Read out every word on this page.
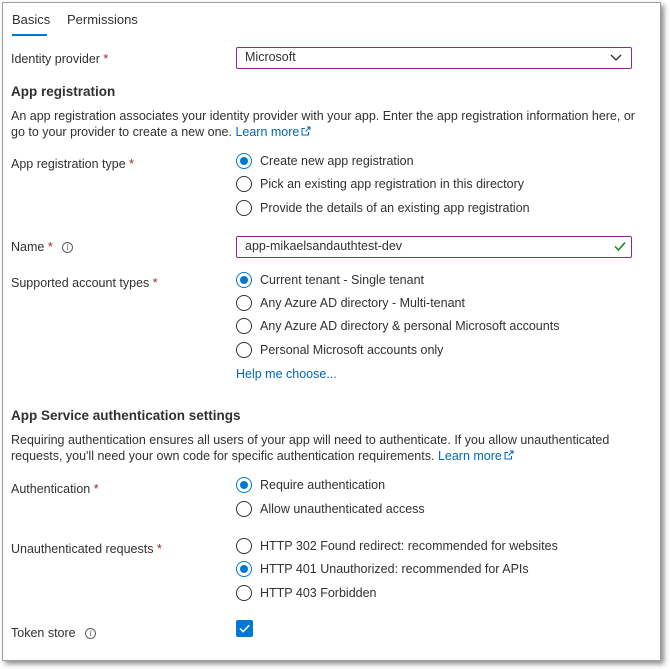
Basics Permissions
Identity provider *	Microsoft
App registration
An app registration associates your identity provider with your app. Enter the app registration information here, or go to your provider to create a new one. Learn more
App registration type *	Create new app registration
Pick an existing app registration in this directory
Provide the details of an existing app registration
Name * i	app-mikaelsandauthtest-dev
Supported account types *	Current tenant - Single tenant
Any Azure AD directory - Multi-tenant
Any Azure AD directory & personal Microsoft accounts
Personal Microsoft accounts only
Help me choose...
App Service authentication settings
Requiring authentication ensures all users of your app will need to authenticate. If you allow unauthenticated requests, you'll need your own code for specific authentication requirements. Learn more
Authentication *	Require authentication
Allow unauthenticated access
Unauthenticated requests *	HTTP 302 Found redirect: recommended for websites
HTTP 401 Unauthorized: recommended for APIs
HTTP 403 Forbidden
Token store i
